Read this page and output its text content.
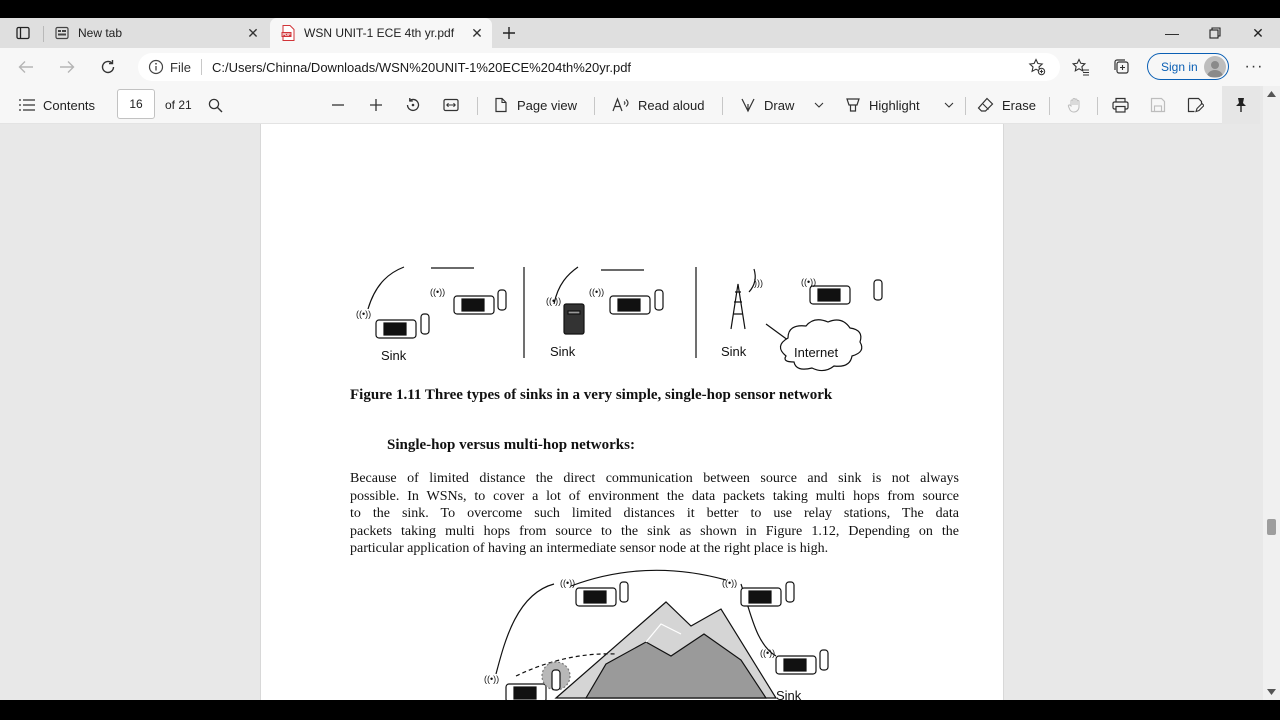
New tab	✕	PDF WSN UNIT-1 ECE 4th yr.pdf	✕	—	✕
File C:/Users/Chinna/Downloads/WSN%20UNIT-1%20ECE%204th%20yr.pdf	Sign in	···
Contents	16 of 21	Page view	Read aloud	Draw	Highlight	Erase
((•))
((•))
Sink
((•))
((•))
Sink
)))	((•))
Sink	Internet
Figure 1.11 Three types of sinks in a very simple, single-hop sensor network
Single-hop versus multi-hop networks:

Because of limited distance the direct communication between source and sink is not always

possible. In WSNs, to cover a lot of environment the data packets taking multi hops from source

to the sink. To overcome such limited distances it better to use relay stations, The data

packets taking multi hops from source to the sink as shown in Figure 1.12, Depending on the

particular application of having an intermediate sensor node at the right place is high.

((•))	((•))
((•))
((•))
Sink
